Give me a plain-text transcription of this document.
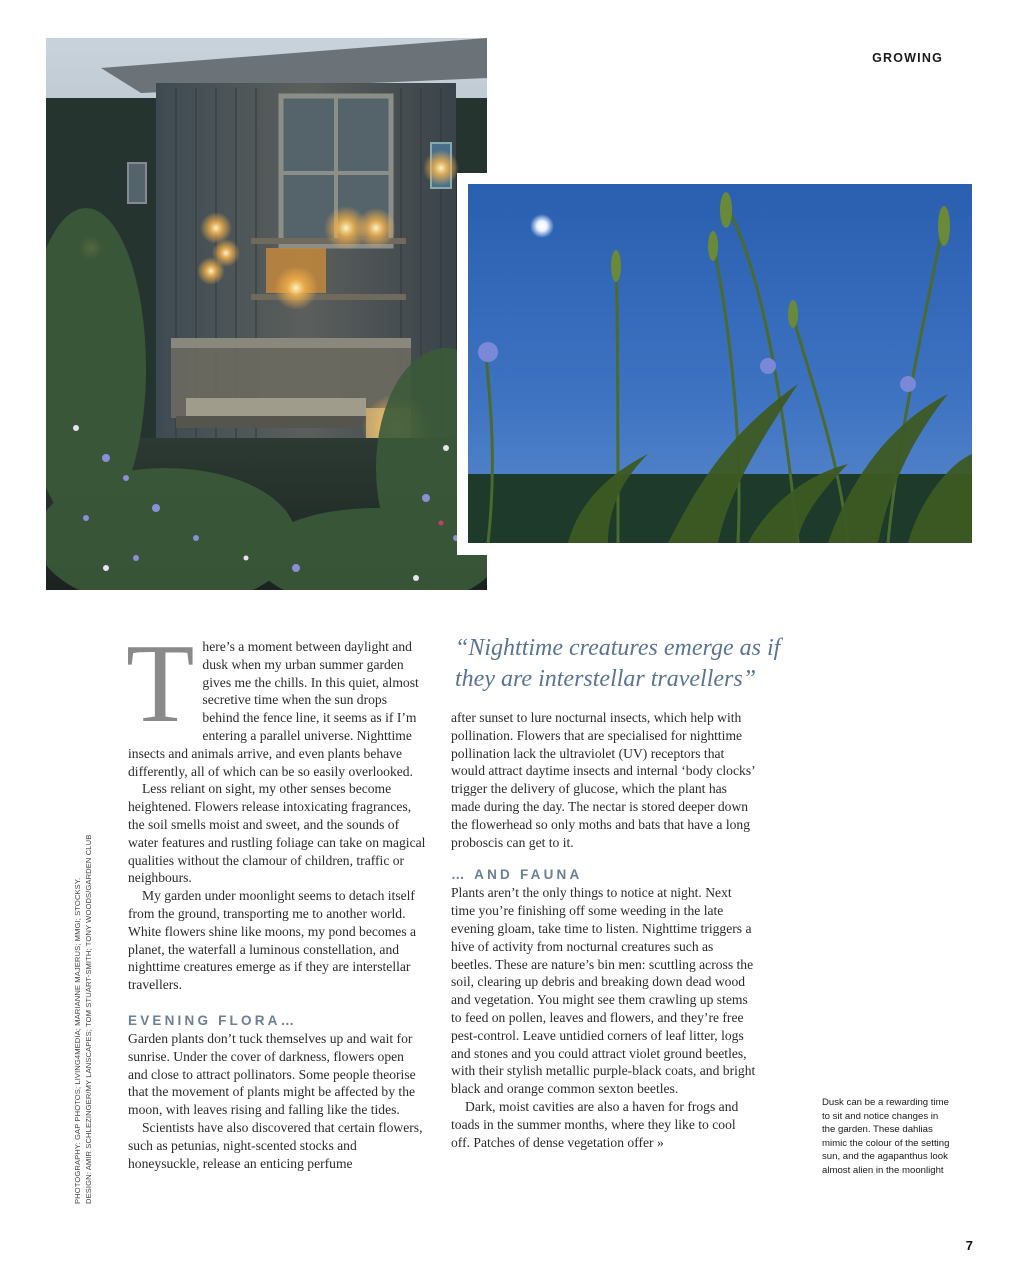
GROWING
PHOTOGRAPHY: GAP PHOTOS; LIVING4MEDIA; MARIANNE MAJERUS; MMGI; STOCKSY. DESIGN: AMIR SCHLEZINGER/MY LANSCAPES; TOM STUART-SMITH; TONY WOODS/GARDEN CLUB

There’s a moment between daylight and dusk when my urban summer garden gives me the chills. In this quiet, almost secretive time when the sun drops behind the fence line, it seems as if I’m entering a parallel universe. Nighttime insects and animals arrive, and even plants behave differently, all of which can be so easily overlooked.

Less reliant on sight, my other senses become heightened. Flowers release intoxicating fragrances, the soil smells moist and sweet, and the sounds of water features and rustling foliage can take on magical qualities without the clamour of children, traffic or neighbours.

My garden under moonlight seems to detach itself from the ground, transporting me to another world. White flowers shine like moons, my pond becomes a planet, the waterfall a luminous constellation, and nighttime creatures emerge as if they are interstellar travellers.

EVENING FLORA…

Garden plants don’t tuck themselves up and wait for sunrise. Under the cover of darkness, flowers open and close to attract pollinators. Some people theorise that the movement of plants might be affected by the moon, with leaves rising and falling like the tides.

Scientists have also discovered that certain flowers, such as petunias, night-scented stocks and honeysuckle, release an enticing perfume

“Nighttime creatures emerge as if they are interstellar travellers”

after sunset to lure nocturnal insects, which help with pollination. Flowers that are specialised for nighttime pollination lack the ultraviolet (UV) receptors that would attract daytime insects and internal ‘body clocks’ trigger the delivery of glucose, which the plant has made during the day. The nectar is stored deeper down the flowerhead so only moths and bats that have a long proboscis can get to it.

… AND FAUNA

Plants aren’t the only things to notice at night. Next time you’re finishing off some weeding in the late evening gloam, take time to listen. Nighttime triggers a hive of activity from nocturnal creatures such as beetles. These are nature’s bin men: scuttling across the soil, clearing up debris and breaking down dead wood and vegetation. You might see them crawling up stems to feed on pollen, leaves and flowers, and they’re free pest-control. Leave untidied corners of leaf litter, logs and stones and you could attract violet ground beetles, with their stylish metallic purple-black coats, and bright black and orange common sexton beetles.

Dark, moist cavities are also a haven for frogs and toads in the summer months, where they like to cool off. Patches of dense vegetation offer »

Dusk can be a rewarding time to sit and notice changes in the garden. These dahlias mimic the colour of the setting sun, and the agapanthus look almost alien in the moonlight
7
